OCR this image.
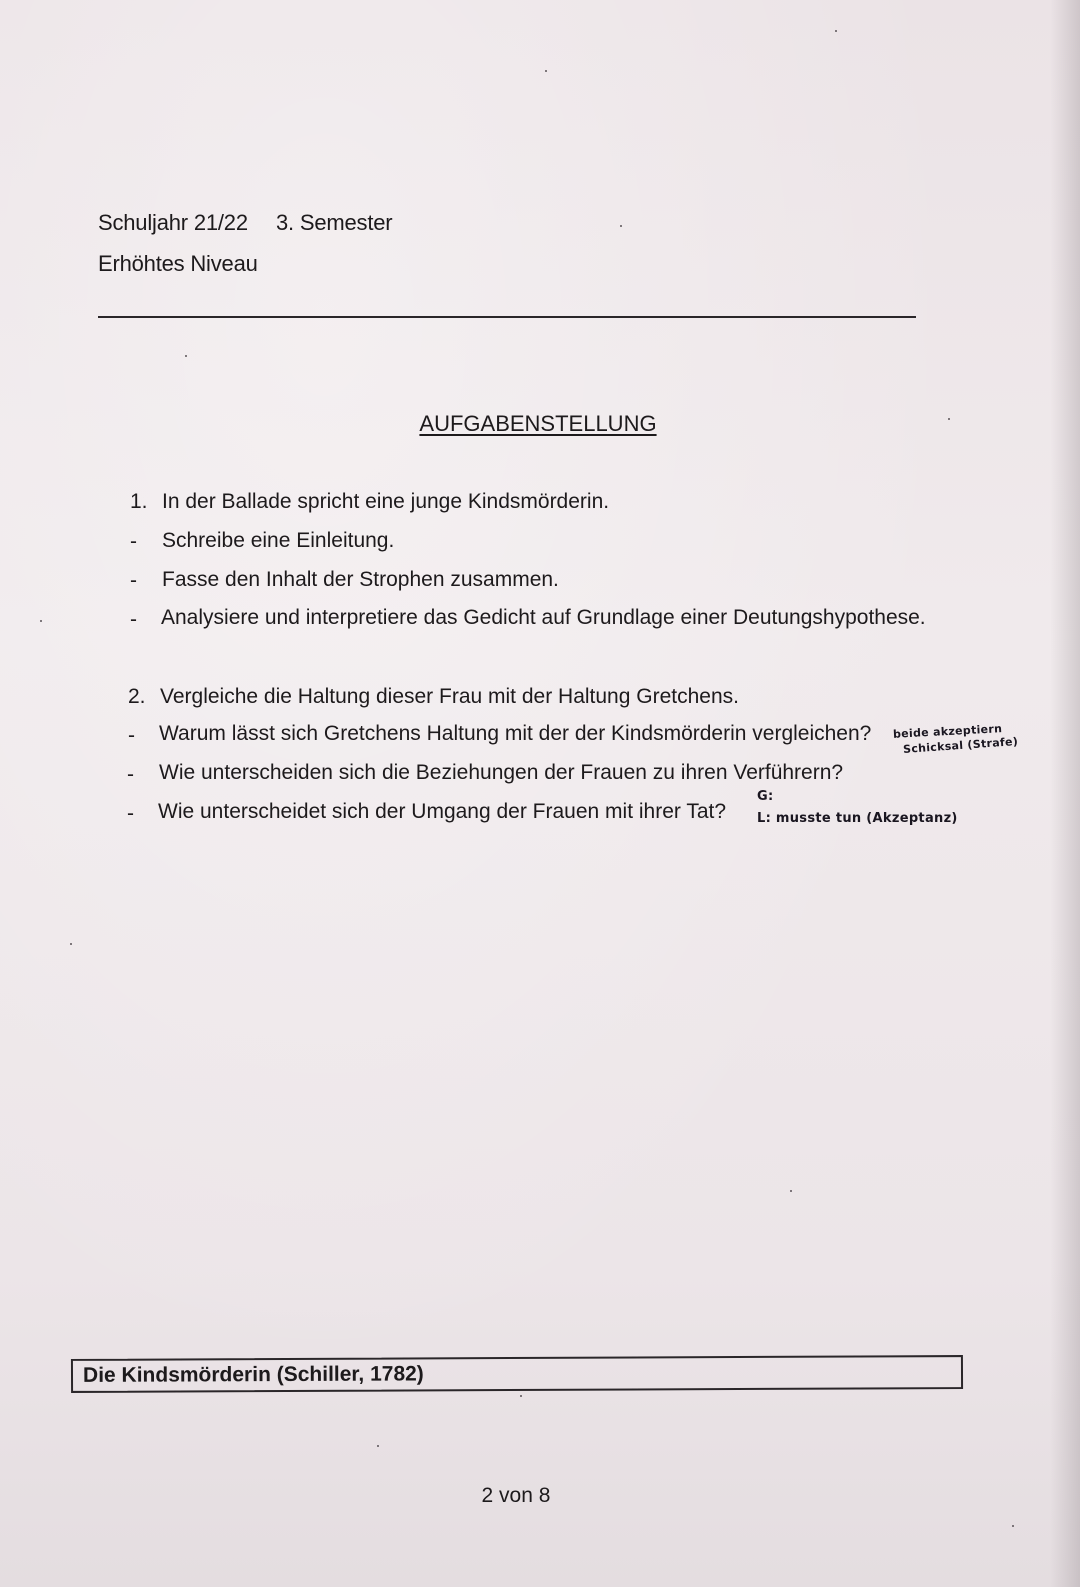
Schuljahr 21/22 3. Semester
Erhöhtes Niveau
AUFGABENSTELLUNG
1. In der Ballade spricht eine junge Kindsmörderin.
- Schreibe eine Einleitung.
- Fasse den Inhalt der Strophen zusammen.
- Analysiere und interpretiere das Gedicht auf Grundlage einer Deutungshypothese.
2. Vergleiche die Haltung dieser Frau mit der Haltung Gretchens.
- Warum lässt sich Gretchens Haltung mit der der Kindsmörderin vergleichen?
- Wie unterscheiden sich die Beziehungen der Frauen zu ihren Verführern?
- Wie unterscheidet sich der Umgang der Frauen mit ihrer Tat?
beide akzeptiern
Schicksal (Strafe)
G:
L: musste tun (Akzeptanz)
Die Kindsmörderin (Schiller, 1782)
2 von 8
